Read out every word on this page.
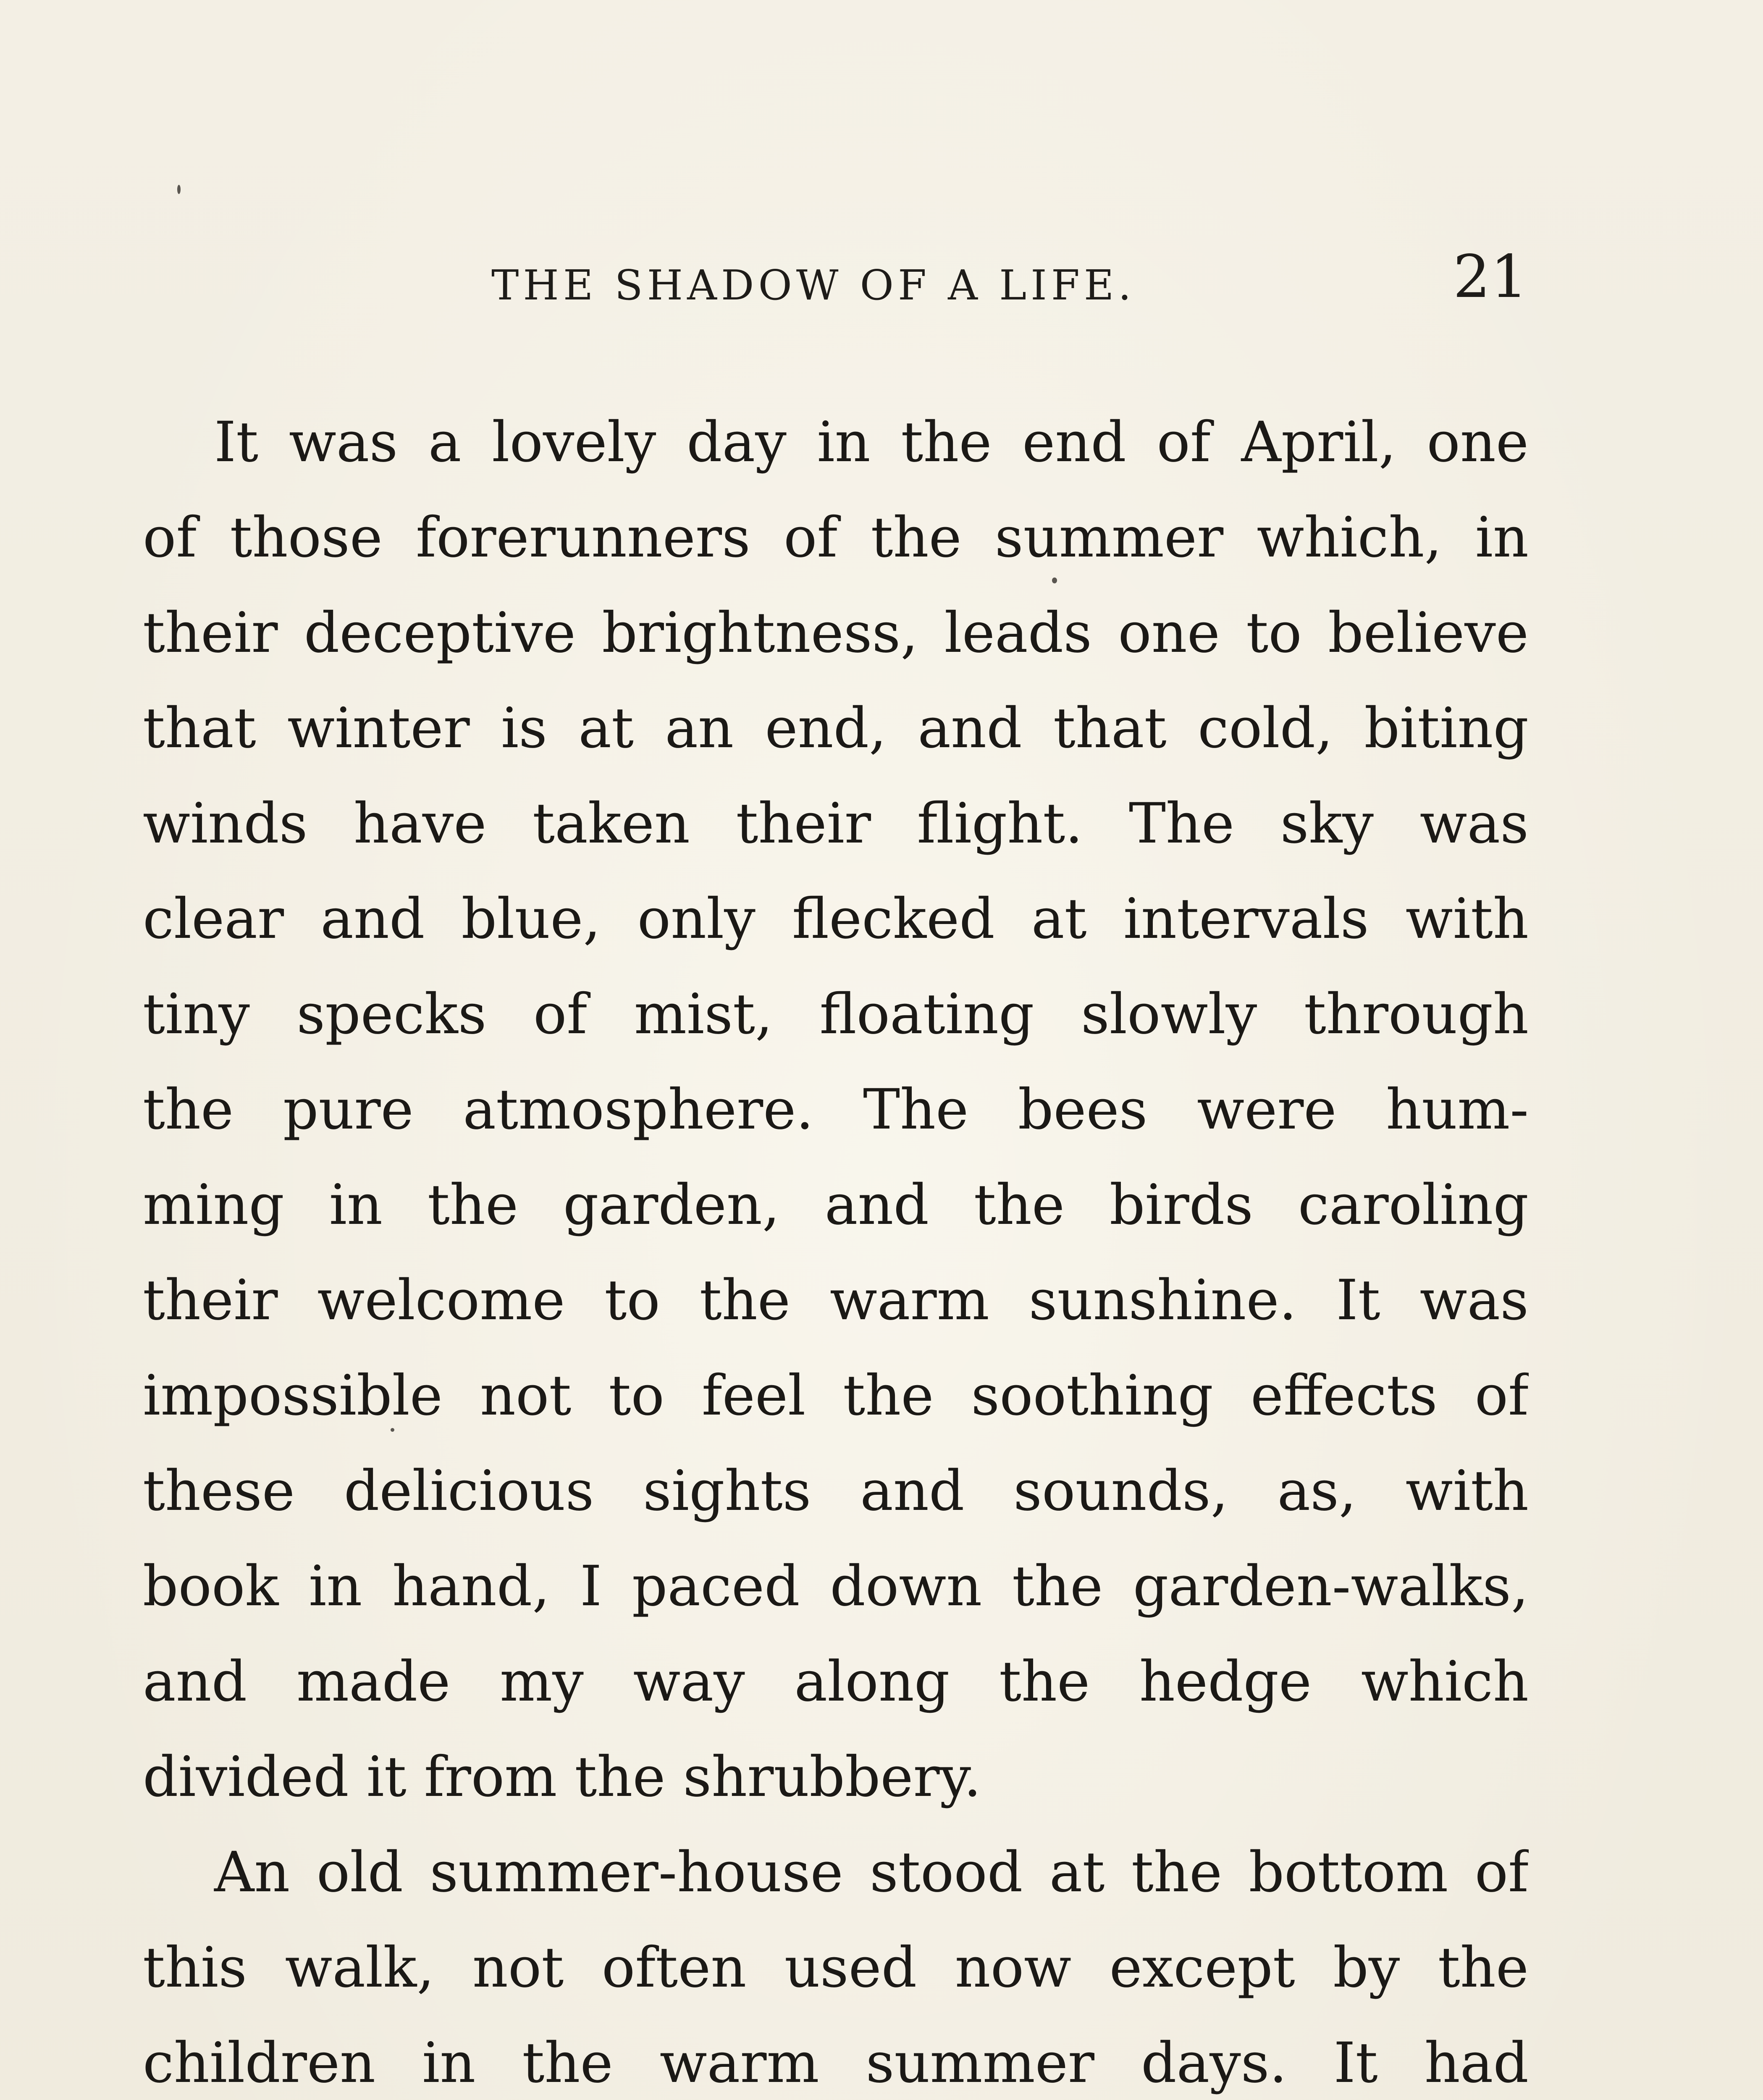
THE SHADOW OF A LIFE.	21
It was a lovely day in the end of April, one
of those forerunners of the summer which, in
their deceptive brightness, leads one to believe
that winter is at an end, and that cold, biting
winds have taken their flight. The sky was
clear and blue, only flecked at intervals with
tiny specks of mist, floating slowly through
the pure atmosphere. The bees were hum-
ming in the garden, and the birds caroling
their welcome to the warm sunshine. It was
impossible not to feel the soothing effects of
these delicious sights and sounds, as, with
book in hand, I paced down the garden-walks,
and made my way along the hedge which
divided it from the shrubbery.
An old summer-house stood at the bottom of
this walk, not often used now except by the
children in the warm summer days. It had
